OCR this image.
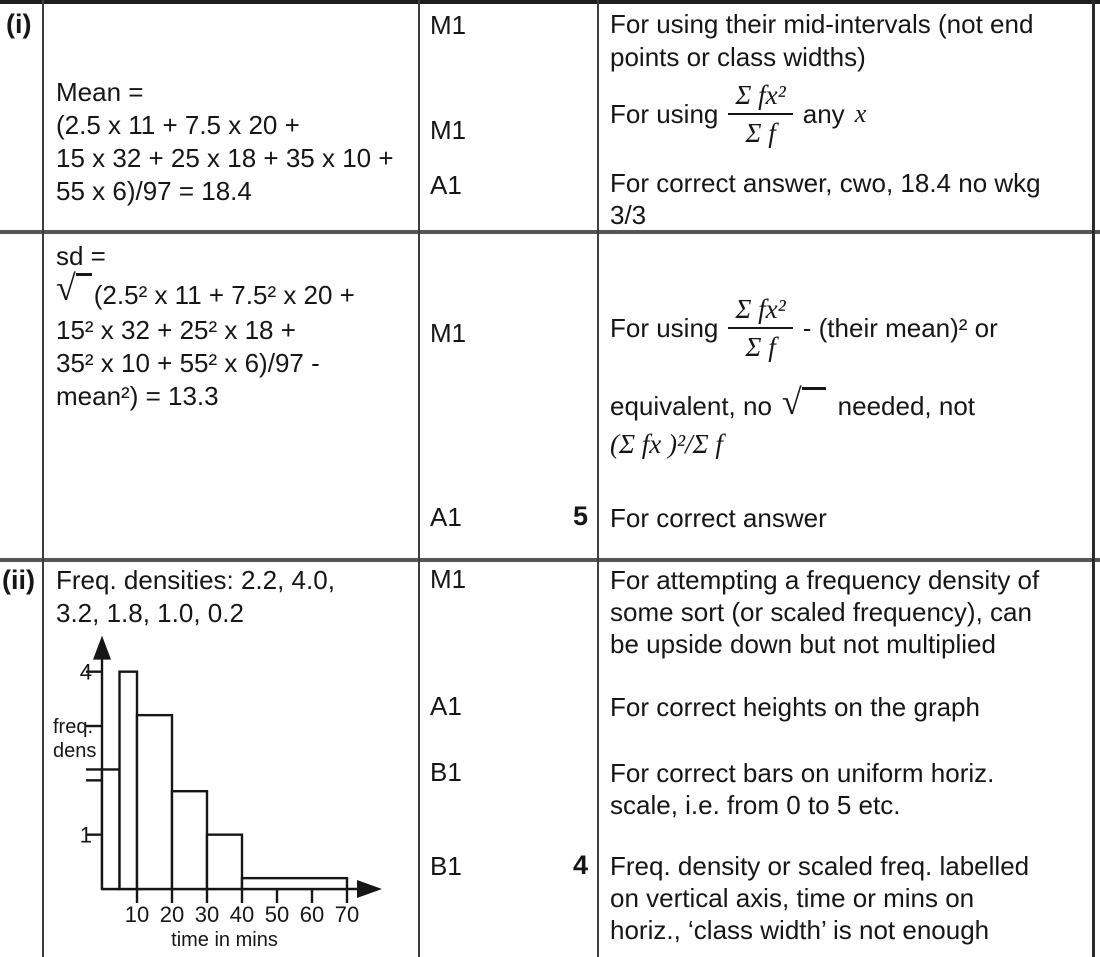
(i)
Mean =
(2.5 x 11 + 7.5 x 20 +
15 x 32 + 25 x 18 + 35 x 10 +
55 x 6)/97 = 18.4
M1
M1
A1
For using their mid-intervals (not end
points or class widths)
For using $\frac{\text{Σ fx²}}{\text{Σ f}}$ any x
For correct answer, cwo, 18.4 no wkg
3/3
sd =
√ (2.5² x 11 + 7.5² x 20 +
15² x 32 + 25² x 18 +
35² x 10 + 55² x 6)/97 -
mean²) = 13.3
M1
A1	5
For using $\frac{\text{Σ fx²}}{\text{Σ f}}$ - (their mean)² or
equivalent, no √ needed, not
(Σ fx )²/Σ f
For correct answer
(ii) Freq. densities: 2.2, 4.0,
3.2, 1.8, 1.0, 0.2
4
1
10 20 30 40 50 60 70
freq.
dens
time in mins
M1
A1
B1
B1	4
For attempting a frequency density of
some sort (or scaled frequency), can
be upside down but not multiplied
For correct heights on the graph
For correct bars on uniform horiz.
scale, i.e. from 0 to 5 etc.
Freq. density or scaled freq. labelled
on vertical axis, time or mins on
horiz., ‘class width’ is not enough
